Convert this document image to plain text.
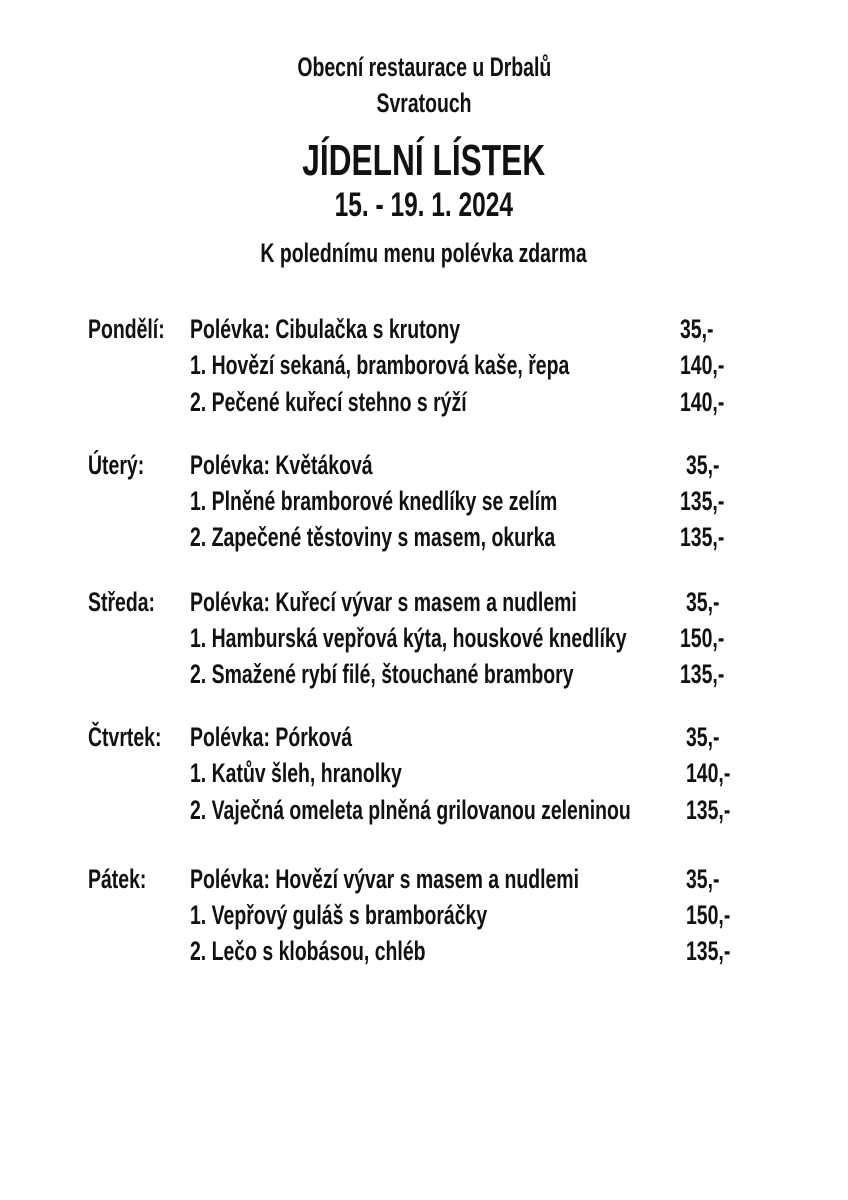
Obecní restaurace u Drbalů
Svratouch
JÍDELNÍ LÍSTEK
15. - 19. 1. 2024
K polednímu menu polévka zdarma
Pondělí: Polévka: Cibulačka s krutony	35,-
1. Hovězí sekaná, bramborová kaše, řepa	140,-
2. Pečené kuřecí stehno s rýží	140,-
Úterý:	Polévka: Květáková	35,-
1. Plněné bramborové knedlíky se zelím	135,-
2. Zapečené těstoviny s masem, okurka	135,-
Středa:	Polévka: Kuřecí vývar s masem a nudlemi	35,-
1. Hamburská vepřová kýta, houskové knedlíky	150,-
2. Smažené rybí filé, štouchané brambory	135,-
Čtvrtek:	Polévka: Pórková	35,-
1. Katův šleh, hranolky	140,-
2. Vaječná omeleta plněná grilovanou zeleninou	135,-
Pátek:	Polévka: Hovězí vývar s masem a nudlemi	35,-
1. Vepřový guláš s bramboráčky	150,-
2. Lečo s klobásou, chléb	135,-
